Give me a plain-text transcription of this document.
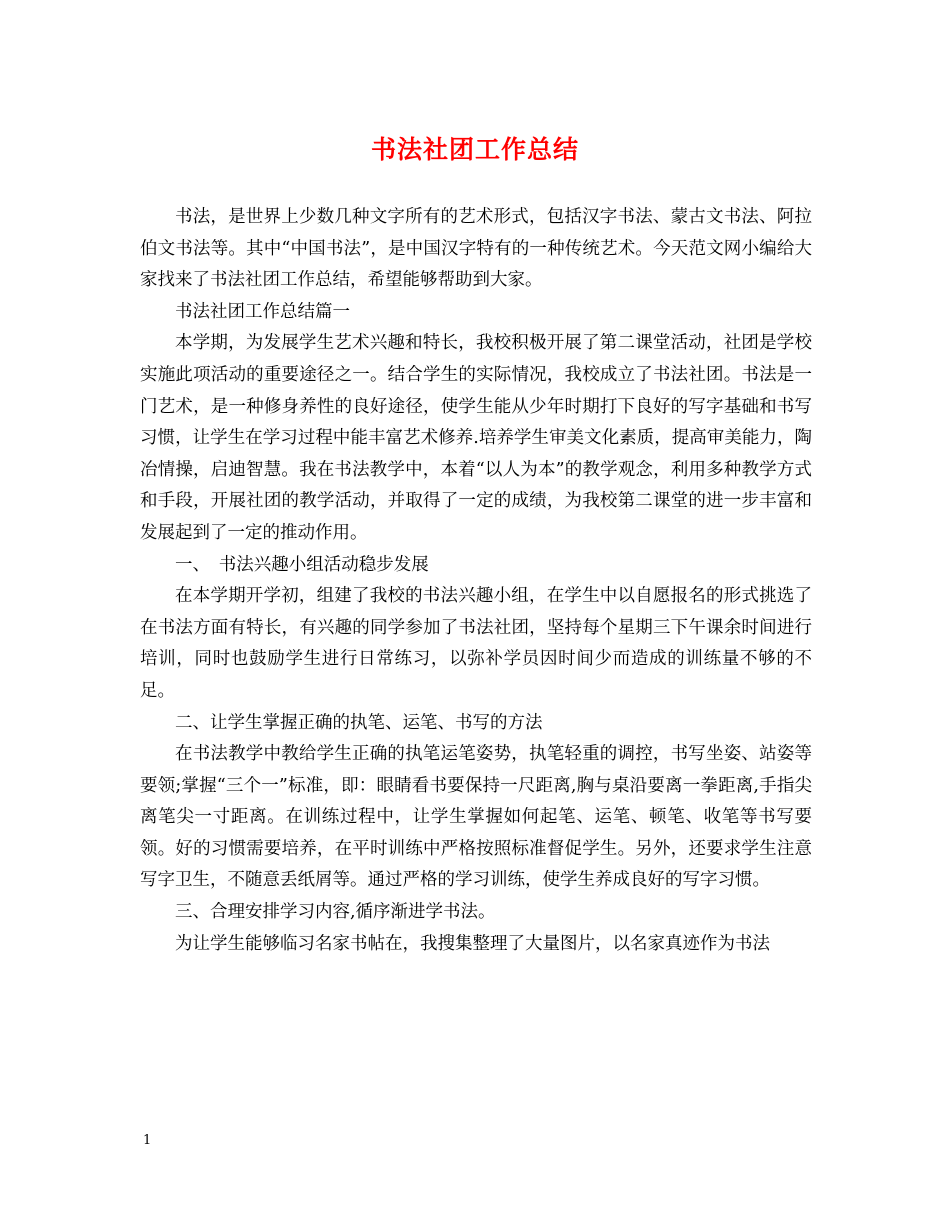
书法社团工作总结

书法，是世界上少数几种文字所有的艺术形式，包括汉字书法、蒙古文书法、阿拉伯文书法等。其中“中国书法”，是中国汉字特有的一种传统艺术。今天范文网小编给大家找来了书法社团工作总结，希望能够帮助到大家。

书法社团工作总结篇一

本学期，为发展学生艺术兴趣和特长，我校积极开展了第二课堂活动，社团是学校实施此项活动的重要途径之一。结合学生的实际情况，我校成立了书法社团。书法是一门艺术，是一种修身养性的良好途径，使学生能从少年时期打下良好的写字基础和书写习惯，让学生在学习过程中能丰富艺术修养.培养学生审美文化素质，提高审美能力，陶冶情操，启迪智慧。我在书法教学中，本着“以人为本”的教学观念，利用多种教学方式和手段，开展社团的教学活动，并取得了一定的成绩，为我校第二课堂的进一步丰富和发展起到了一定的推动作用。

一、　书法兴趣小组活动稳步发展

在本学期开学初，组建了我校的书法兴趣小组，在学生中以自愿报名的形式挑选了在书法方面有特长，有兴趣的同学参加了书法社团，坚持每个星期三下午课余时间进行培训，同时也鼓励学生进行日常练习，以弥补学员因时间少而造成的训练量不够的不足。

二、让学生掌握正确的执笔、运笔、书写的方法

在书法教学中教给学生正确的执笔运笔姿势，执笔轻重的调控，书写坐姿、站姿等要领;掌握“三个一”标准，即：眼睛看书要保持一尺距离,胸与桌沿要离一拳距离,手指尖离笔尖一寸距离。在训练过程中，让学生掌握如何起笔、运笔、顿笔、收笔等书写要领。好的习惯需要培养，在平时训练中严格按照标准督促学生。另外，还要求学生注意写字卫生，不随意丢纸屑等。通过严格的学习训练，使学生养成良好的写字习惯。

三、合理安排学习内容,循序渐进学书法。

为让学生能够临习名家书帖在，我搜集整理了大量图片，以名家真迹作为书法

1
